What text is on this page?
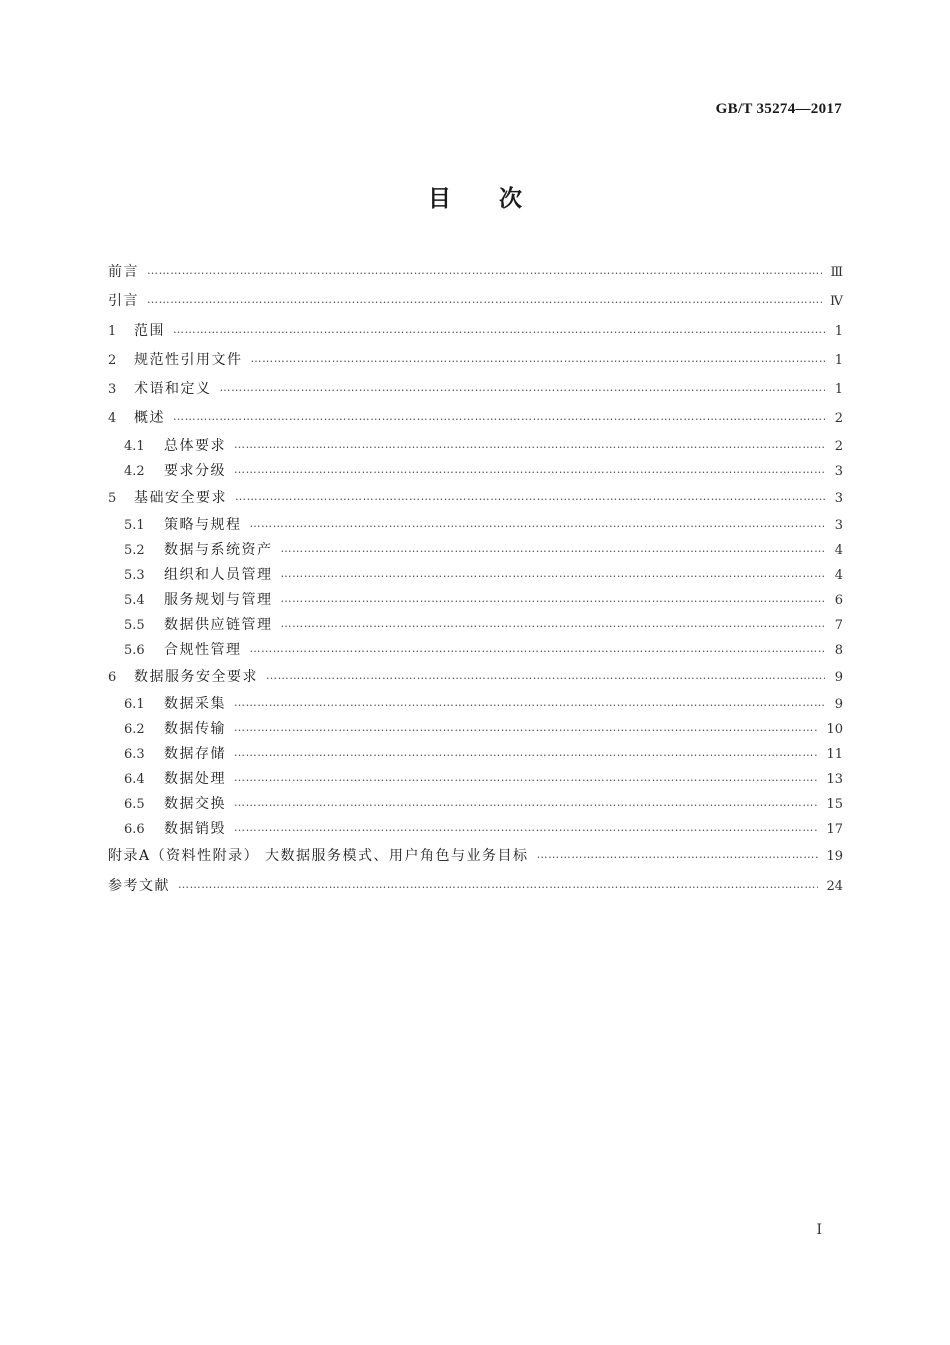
GB/T 35274—2017
目次
前言 ……………………………………………………………………………………………………………………………………………………………………………………………………………	Ⅲ
引言 ……………………………………………………………………………………………………………………………………………………………………………………………………………	Ⅳ
1	范围 ……………………………………………………………………………………………………………………………………………………………………………………………………………	1
2	规范性引用文件 ……………………………………………………………………………………………………………………………………………………………………………………………………………	1
3	术语和定义 ……………………………………………………………………………………………………………………………………………………………………………………………………………	1
4	概述 ……………………………………………………………………………………………………………………………………………………………………………………………………………	2
4.1	总体要求 ……………………………………………………………………………………………………………………………………………………………………………………………………………	2
4.2	要求分级 ……………………………………………………………………………………………………………………………………………………………………………………………………………	3
5	基础安全要求 ……………………………………………………………………………………………………………………………………………………………………………………………………………	3
5.1	策略与规程 ……………………………………………………………………………………………………………………………………………………………………………………………………………	3
5.2	数据与系统资产 ……………………………………………………………………………………………………………………………………………………………………………………………………………	4
5.3	组织和人员管理 ……………………………………………………………………………………………………………………………………………………………………………………………………………	4
5.4	服务规划与管理 ……………………………………………………………………………………………………………………………………………………………………………………………………………	6
5.5	数据供应链管理 ……………………………………………………………………………………………………………………………………………………………………………………………………………	7
5.6	合规性管理 ……………………………………………………………………………………………………………………………………………………………………………………………………………	8
6	数据服务安全要求 ……………………………………………………………………………………………………………………………………………………………………………………………………………	9
6.1	数据采集 ……………………………………………………………………………………………………………………………………………………………………………………………………………	9
6.2	数据传输 ……………………………………………………………………………………………………………………………………………………………………………………………………………	10
6.3	数据存储 ……………………………………………………………………………………………………………………………………………………………………………………………………………	11
6.4	数据处理 ……………………………………………………………………………………………………………………………………………………………………………………………………………	13
6.5	数据交换 ……………………………………………………………………………………………………………………………………………………………………………………………………………	15
6.6	数据销毁 ……………………………………………………………………………………………………………………………………………………………………………………………………………	17
附录A（资料性附录） 大数据服务模式、用户角色与业务目标 ……………………………………………………………………………………………………………………………………………………………………………………………………………	19
参考文献 ……………………………………………………………………………………………………………………………………………………………………………………………………………	24
Ⅰ
